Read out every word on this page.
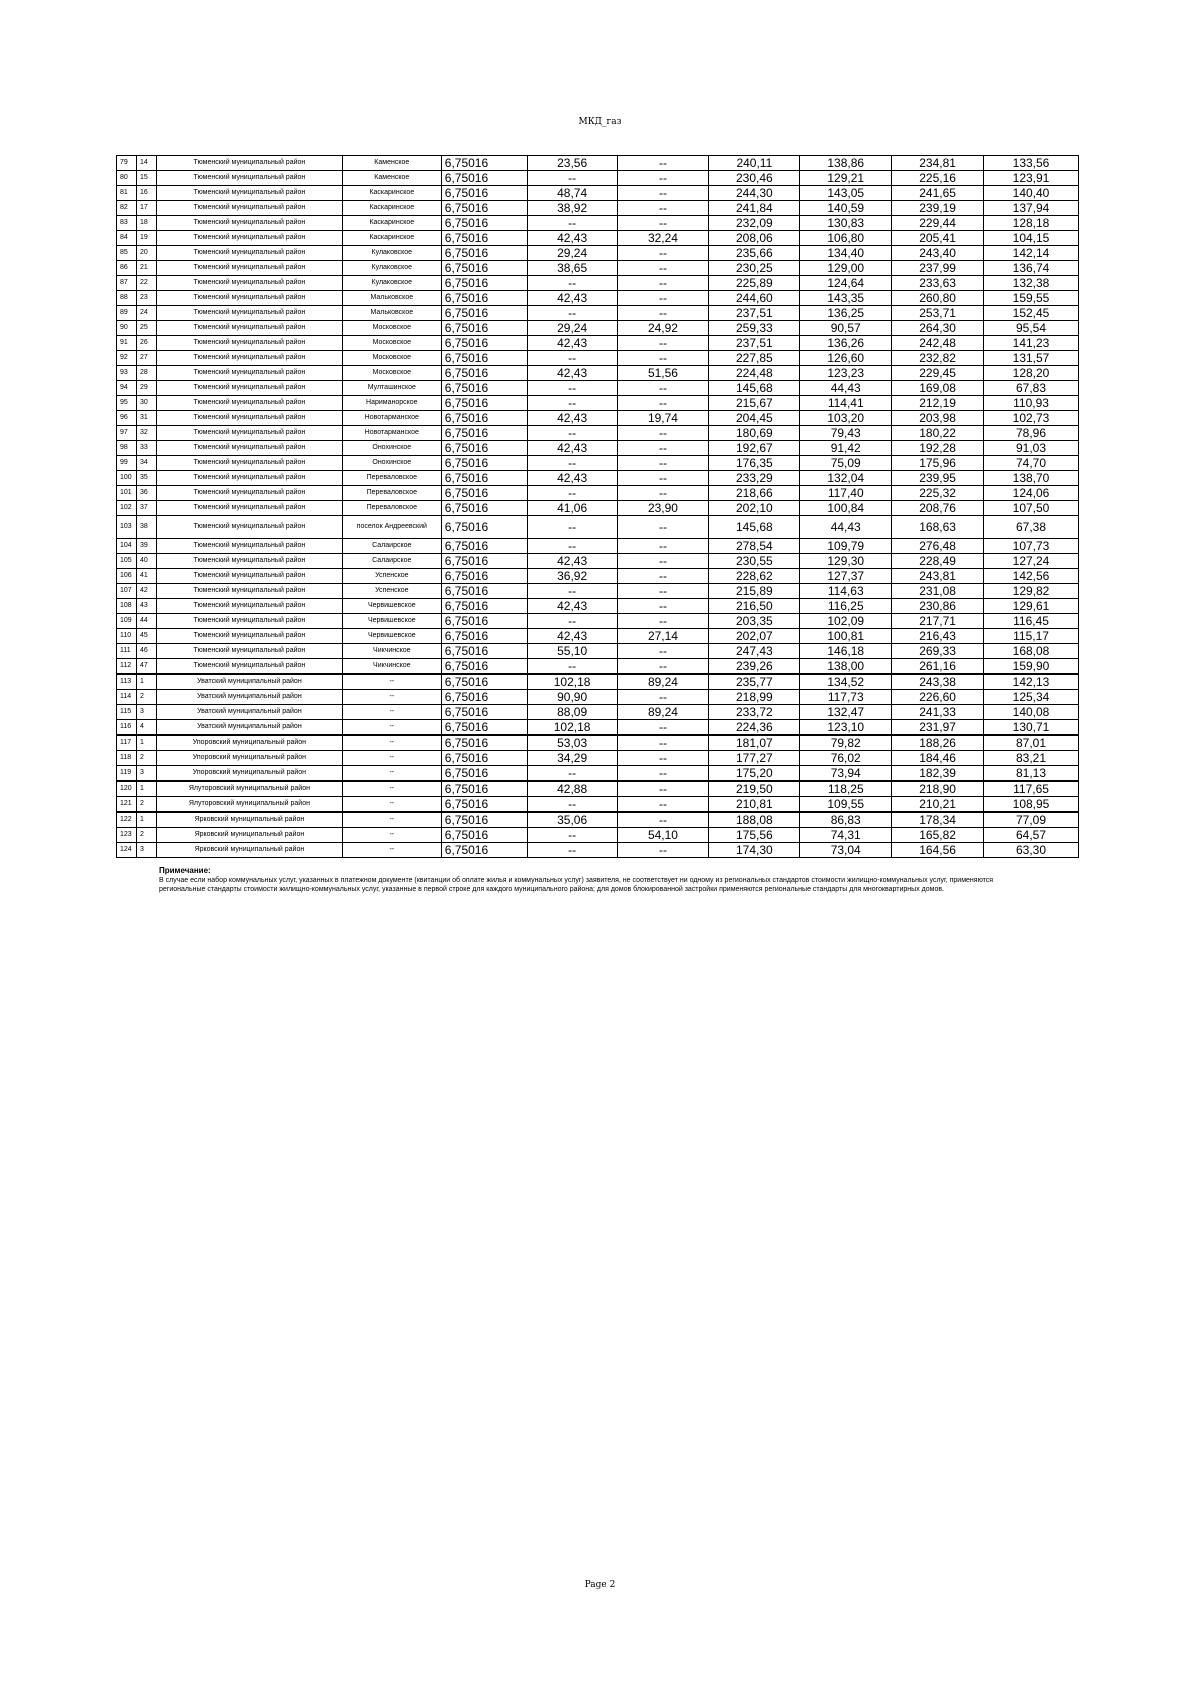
МКД_газ
79	14	Тюменский муниципальный район	Каменское	6,75016	23,56	--	240,11	138,86	234,81	133,56
80	15	Тюменский муниципальный район	Каменское	6,75016	--	--	230,46	129,21	225,16	123,91
81	16	Тюменский муниципальный район	Каскаринское	6,75016	48,74	--	244,30	143,05	241,65	140,40
82	17	Тюменский муниципальный район	Каскаринское	6,75016	38,92	--	241,84	140,59	239,19	137,94
83	18	Тюменский муниципальный район	Каскаринское	6,75016	--	--	232,09	130,83	229,44	128,18
84	19	Тюменский муниципальный район	Каскаринское	6,75016	42,43	32,24	208,06	106,80	205,41	104,15
85	20	Тюменский муниципальный район	Кулаковское	6,75016	29,24	--	235,66	134,40	243,40	142,14
86	21	Тюменский муниципальный район	Кулаковское	6,75016	38,65	--	230,25	129,00	237,99	136,74
87	22	Тюменский муниципальный район	Кулаковское	6,75016	--	--	225,89	124,64	233,63	132,38
88	23	Тюменский муниципальный район	Мальковское	6,75016	42,43	--	244,60	143,35	260,80	159,55
89	24	Тюменский муниципальный район	Мальковское	6,75016	--	--	237,51	136,25	253,71	152,45
90	25	Тюменский муниципальный район	Московское	6,75016	29,24	24,92	259,33	90,57	264,30	95,54
91	26	Тюменский муниципальный район	Московское	6,75016	42,43	--	237,51	136,26	242,48	141,23
92	27	Тюменский муниципальный район	Московское	6,75016	--	--	227,85	126,60	232,82	131,57
93	28	Тюменский муниципальный район	Московское	6,75016	42,43	51,56	224,48	123,23	229,45	128,20
94	29	Тюменский муниципальный район	Мулташинское	6,75016	--	--	145,68	44,43	169,08	67,83
95	30	Тюменский муниципальный район	Нариманорское	6,75016	--	--	215,67	114,41	212,19	110,93
96	31	Тюменский муниципальный район	Новотарманское	6,75016	42,43	19,74	204,45	103,20	203,98	102,73
97	32	Тюменский муниципальный район	Новотарманское	6,75016	--	--	180,69	79,43	180,22	78,96
98	33	Тюменский муниципальный район	Онохинское	6,75016	42,43	--	192,67	91,42	192,28	91,03
99	34	Тюменский муниципальный район	Онохинское	6,75016	--	--	176,35	75,09	175,96	74,70
100	35	Тюменский муниципальный район	Переваловское	6,75016	42,43	--	233,29	132,04	239,95	138,70
101	36	Тюменский муниципальный район	Переваловское	6,75016	--	--	218,66	117,40	225,32	124,06
102	37	Тюменский муниципальный район	Переваловское	6,75016	41,06	23,90	202,10	100,84	208,76	107,50
103	38	Тюменский муниципальный район	поселок Андреевский	6,75016	--	--	145,68	44,43	168,63	67,38
104	39	Тюменский муниципальный район	Салаирское	6,75016	--	--	278,54	109,79	276,48	107,73
105	40	Тюменский муниципальный район	Салаирское	6,75016	42,43	--	230,55	129,30	228,49	127,24
106	41	Тюменский муниципальный район	Успенское	6,75016	36,92	--	228,62	127,37	243,81	142,56
107	42	Тюменский муниципальный район	Успенское	6,75016	--	--	215,89	114,63	231,08	129,82
108	43	Тюменский муниципальный район	Червишевское	6,75016	42,43	--	216,50	116,25	230,86	129,61
109	44	Тюменский муниципальный район	Червишевское	6,75016	--	--	203,35	102,09	217,71	116,45
110	45	Тюменский муниципальный район	Червишевское	6,75016	42,43	27,14	202,07	100,81	216,43	115,17
111	46	Тюменский муниципальный район	Чикчинское	6,75016	55,10	--	247,43	146,18	269,33	168,08
112	47	Тюменский муниципальный район	Чикчинское	6,75016	--	--	239,26	138,00	261,16	159,90
113	1	Уватский муниципальный район	--	6,75016	102,18	89,24	235,77	134,52	243,38	142,13
114	2	Уватский муниципальный район	--	6,75016	90,90	--	218,99	117,73	226,60	125,34
115	3	Уватский муниципальный район	--	6,75016	88,09	89,24	233,72	132,47	241,33	140,08
116	4	Уватский муниципальный район	--	6,75016	102,18	--	224,36	123,10	231,97	130,71
117	1	Упоровский муниципальный район	--	6,75016	53,03	--	181,07	79,82	188,26	87,01
118	2	Упоровский муниципальный район	--	6,75016	34,29	--	177,27	76,02	184,46	83,21
119	3	Упоровский муниципальный район	--	6,75016	--	--	175,20	73,94	182,39	81,13
120	1	Ялуторовский муниципальный район	--	6,75016	42,88	--	219,50	118,25	218,90	117,65
121	2	Ялуторовский муниципальный район	--	6,75016	--	--	210,81	109,55	210,21	108,95
122	1	Ярковский муниципальный район	--	6,75016	35,06	--	188,08	86,83	178,34	77,09
123	2	Ярковский муниципальный район	--	6,75016	--	54,10	175,56	74,31	165,82	64,57
124	3	Ярковский муниципальный район	--	6,75016	--	--	174,30	73,04	164,56	63,30
Примечание:
В случае если набор коммунальных услуг, указанных в платежном документе (квитанции об оплате жилья и коммунальных услуг) заявителя, не соответствует ни одному из региональных стандартов стоимости жилищно-коммунальных услуг, применяются региональные стандарты стоимости жилищно-коммунальных услуг, указанные в первой строке для каждого муниципального района; для домов блокированной застройки применяются региональные стандарты для многоквартирных домов.
Page 2
